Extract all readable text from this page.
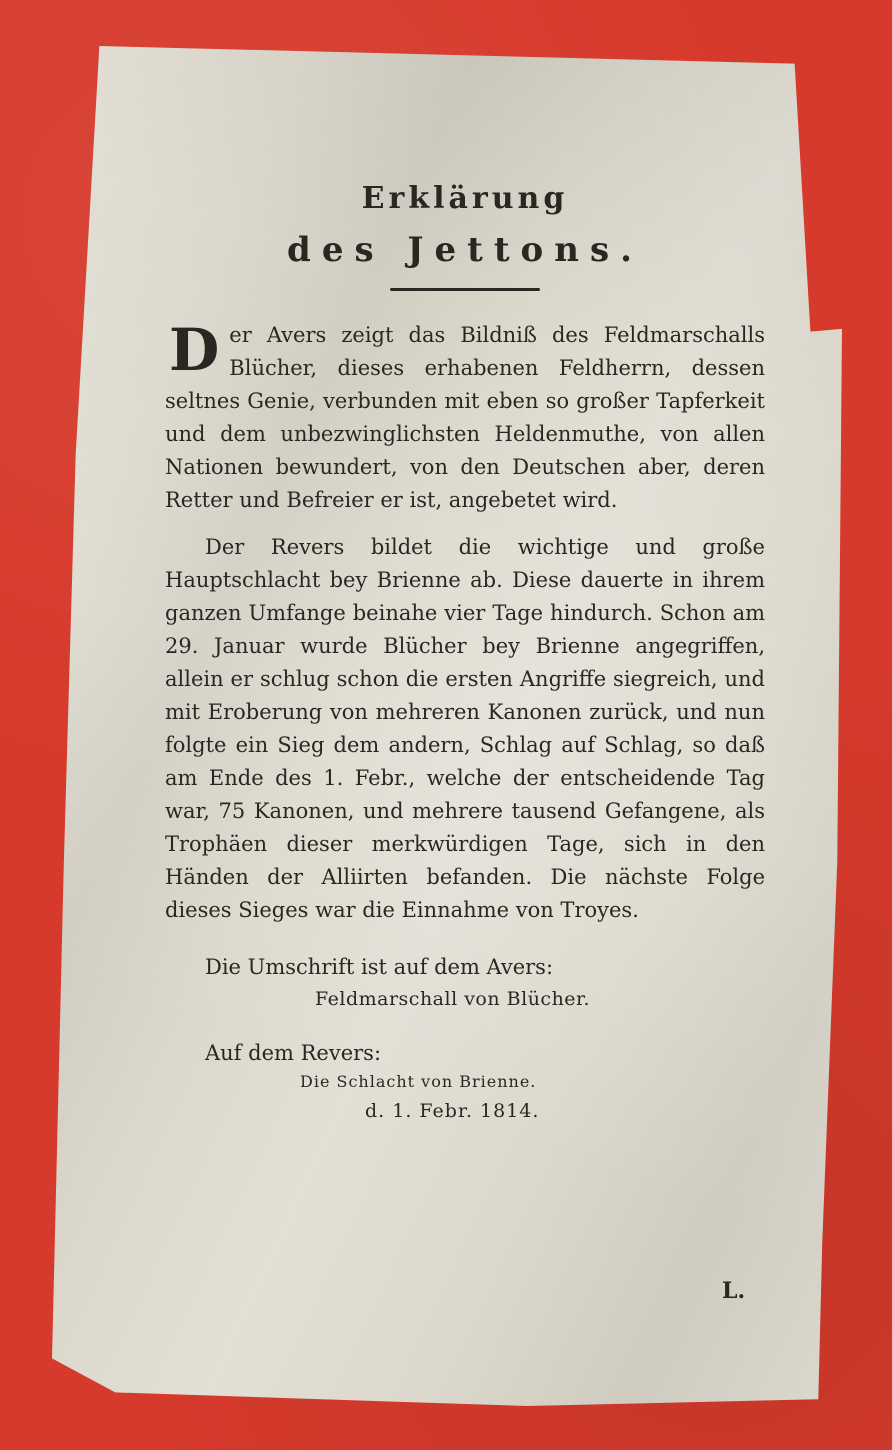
Erklärung
des Jettons.

Der Avers zeigt das Bildniß des Feldmarschalls Blücher, dieses erhabenen Feldherrn, dessen seltnes Genie, verbunden mit eben so großer Tapferkeit und dem unbezwinglichsten Heldenmuthe, von allen Nationen bewundert, von den Deutschen aber, deren Retter und Befreier er ist, angebetet wird.

Der Revers bildet die wichtige und große Hauptschlacht bey Brienne ab. Diese dauerte in ihrem ganzen Umfange beinahe vier Tage hindurch. Schon am 29. Januar wurde Blücher bey Brienne angegriffen, allein er schlug schon die ersten Angriffe siegreich, und mit Eroberung von mehreren Kanonen zurück, und nun folgte ein Sieg dem andern, Schlag auf Schlag, so daß am Ende des 1. Febr., welche der entscheidende Tag war, 75 Kanonen, und mehrere tausend Gefangene, als Trophäen dieser merkwürdigen Tage, sich in den Händen der Alliirten befanden. Die nächste Folge dieses Sieges war die Einnahme von Troyes.

Die Umschrift ist auf dem Avers:
Feldmarschall von Blücher.
Auf dem Revers:
Die Schlacht von Brienne.
d. 1. Febr. 1814.
L.
